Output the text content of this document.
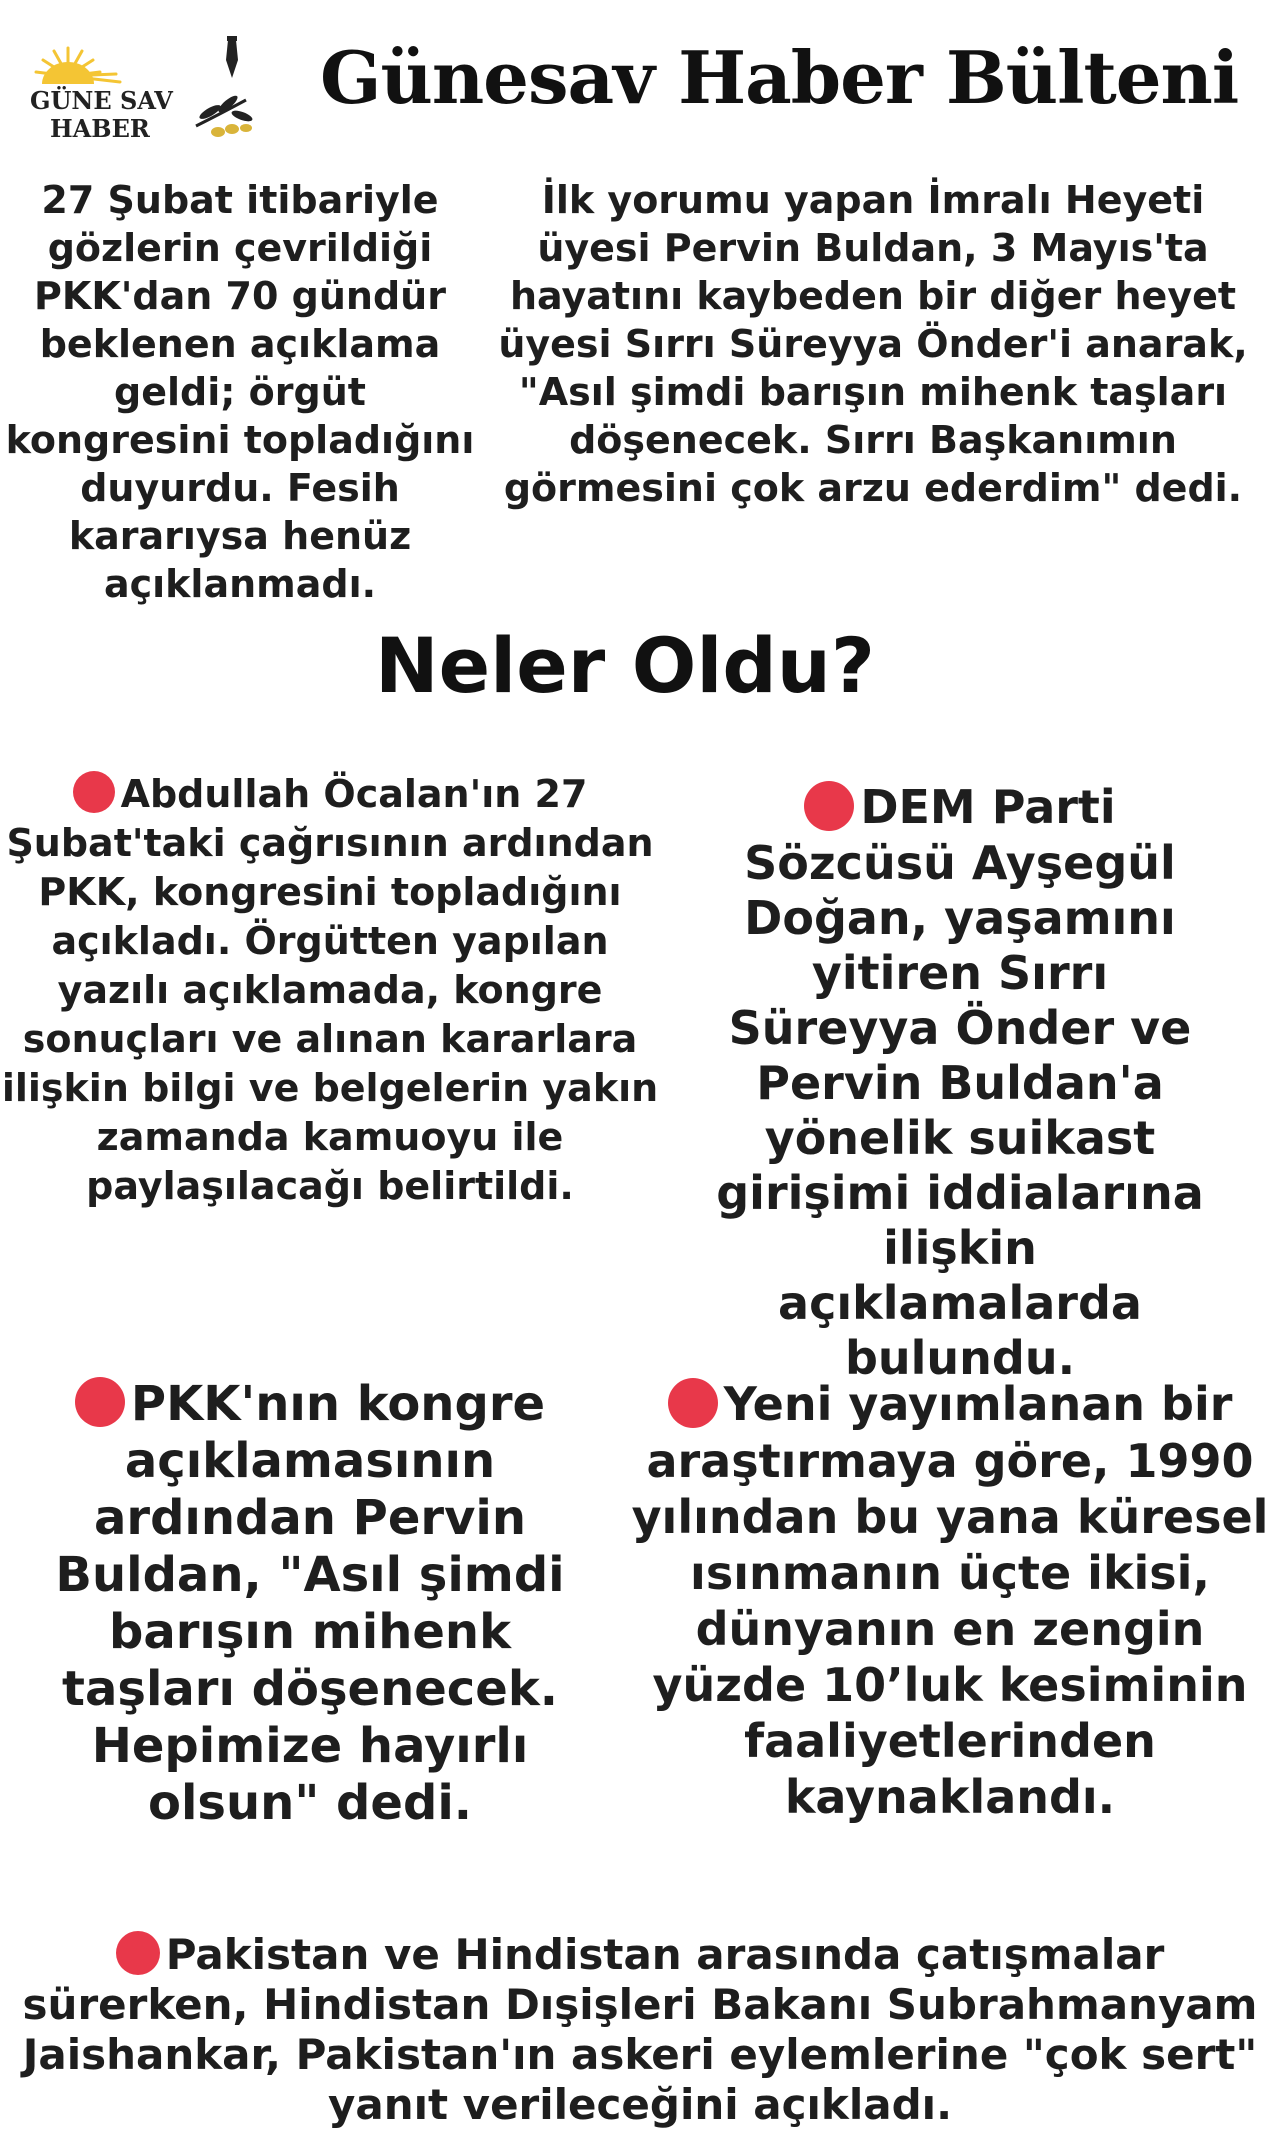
GÜNE SAV
HABER
Günesav Haber Bülteni
27 Şubat itibariyle gözlerin çevrildiği PKK'dan 70 gündür beklenen açıklama geldi; örgüt kongresini topladığını duyurdu. Fesih kararıysa henüz açıklanmadı.
İlk yorumu yapan İmralı Heyeti üyesi Pervin Buldan, 3 Mayıs'ta hayatını kaybeden bir diğer heyet üyesi Sırrı Süreyya Önder'i anarak, "Asıl şimdi barışın mihenk taşları döşenecek. Sırrı Başkanımın görmesini çok arzu ederdim" dedi.
Neler Oldu?
Abdullah Öcalan'ın 27 Şubat'taki çağrısının ardından PKK, kongresini topladığını açıkladı. Örgütten yapılan yazılı açıklamada, kongre sonuçları ve alınan kararlara ilişkin bilgi ve belgelerin yakın zamanda kamuoyu ile paylaşılacağı belirtildi.
DEM Parti Sözcüsü Ayşegül Doğan, yaşamını yitiren Sırrı Süreyya Önder ve Pervin Buldan'a yönelik suikast girişimi iddialarına ilişkin açıklamalarda bulundu.
PKK'nın kongre açıklamasının ardından Pervin Buldan, "Asıl şimdi barışın mihenk taşları döşenecek. Hepimize hayırlı olsun" dedi.
Yeni yayımlanan bir araştırmaya göre, 1990 yılından bu yana küresel ısınmanın üçte ikisi, dünyanın en zengin yüzde 10’luk kesiminin faaliyetlerinden kaynaklandı.
Pakistan ve Hindistan arasında çatışmalar sürerken, Hindistan Dışişleri Bakanı Subrahmanyam Jaishankar, Pakistan'ın askeri eylemlerine "çok sert" yanıt verileceğini açıkladı.
